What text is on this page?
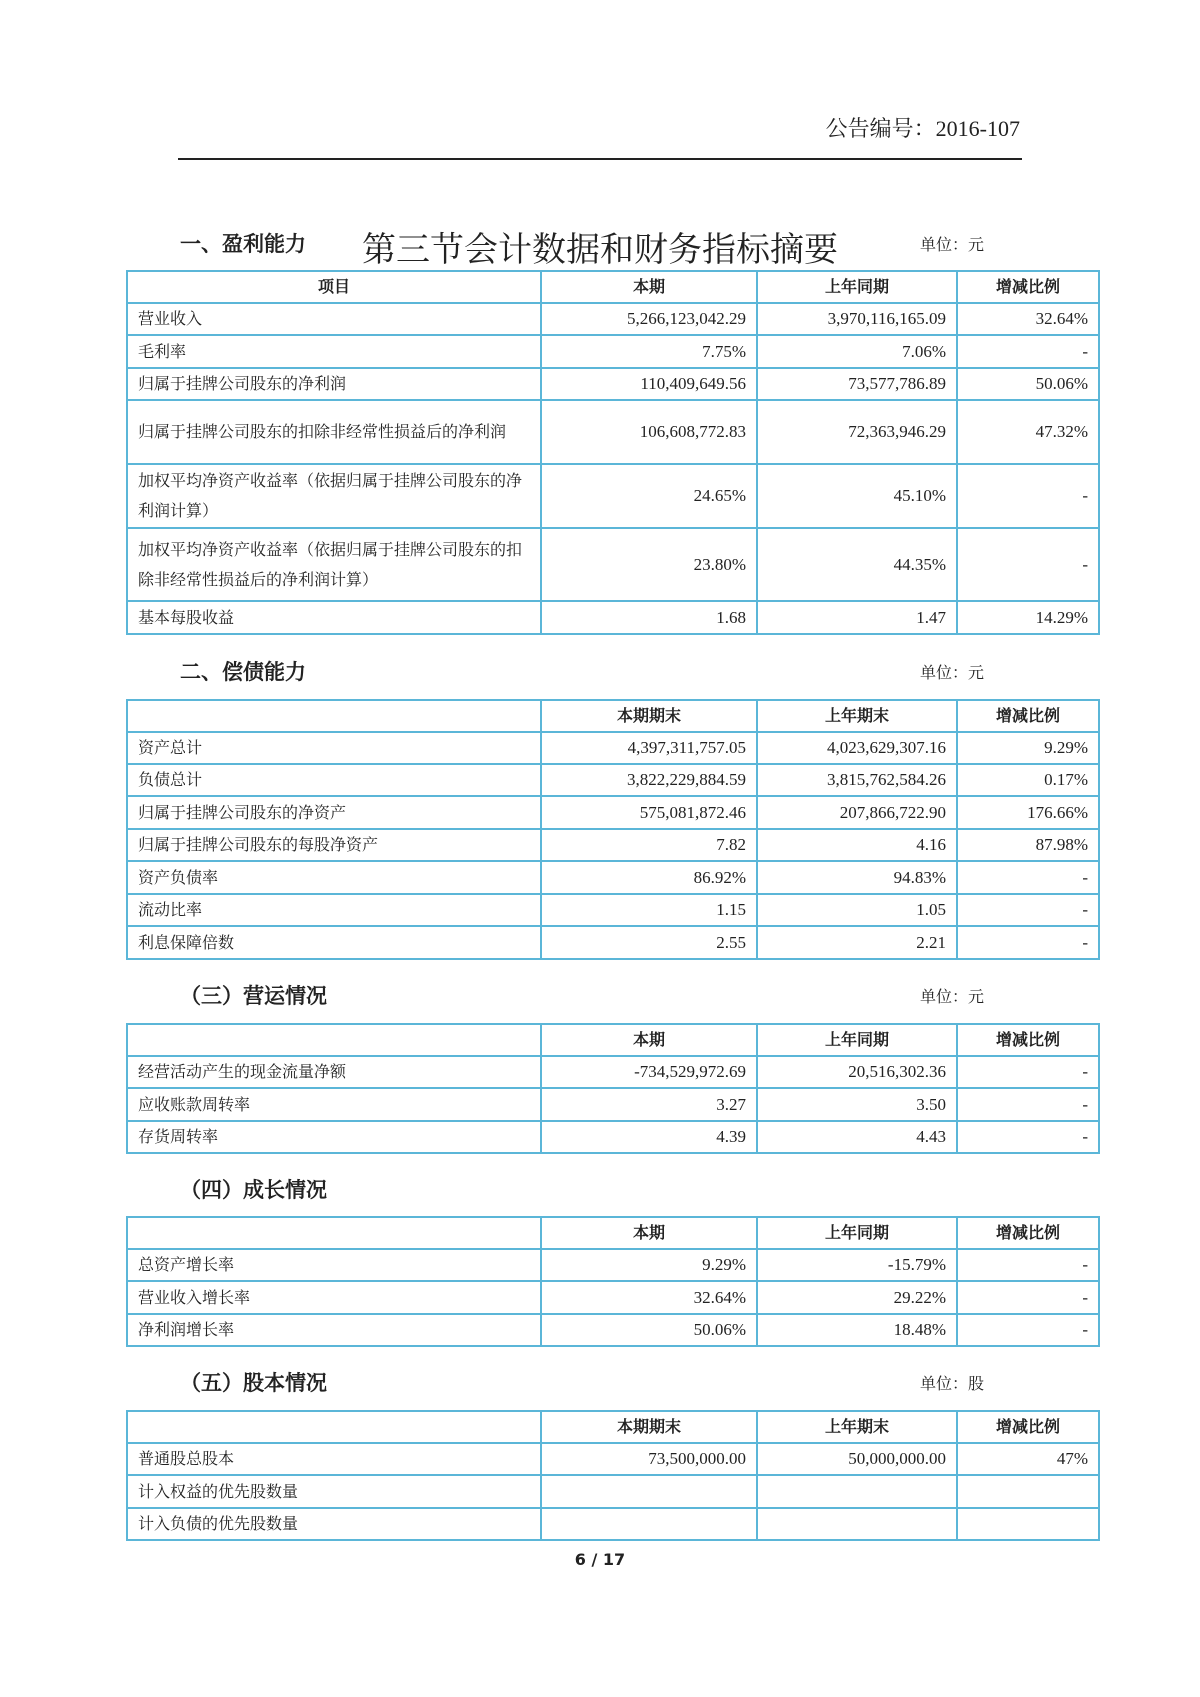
公告编号：2016-107
第三节会计数据和财务指标摘要
一、盈利能力	单位：元
项目	本期	上年同期	增减比例
营业收入	5,266,123,042.29	3,970,116,165.09	32.64%
毛利率	7.75%	7.06%	-
归属于挂牌公司股东的净利润	110,409,649.56	73,577,786.89	50.06%
归属于挂牌公司股东的扣除非经常性损益后的净利润	106,608,772.83	72,363,946.29	47.32%
加权平均净资产收益率（依据归属于挂牌公司股东的净利润计算）	24.65%	45.10%	-
加权平均净资产收益率（依据归属于挂牌公司股东的扣除非经常性损益后的净利润计算）	23.80%	44.35%	-
基本每股收益	1.68	1.47	14.29%
二、偿债能力	单位：元
	本期期末	上年期末	增减比例
资产总计	4,397,311,757.05	4,023,629,307.16	9.29%
负债总计	3,822,229,884.59	3,815,762,584.26	0.17%
归属于挂牌公司股东的净资产	575,081,872.46	207,866,722.90	176.66%
归属于挂牌公司股东的每股净资产	7.82	4.16	87.98%
资产负债率	86.92%	94.83%	-
流动比率	1.15	1.05	-
利息保障倍数	2.55	2.21	-
（三）营运情况	单位：元
	本期	上年同期	增减比例
经营活动产生的现金流量净额	-734,529,972.69	20,516,302.36	-
应收账款周转率	3.27	3.50	-
存货周转率	4.39	4.43	-
（四）成长情况
	本期	上年同期	增减比例
总资产增长率	9.29%	-15.79%	-
营业收入增长率	32.64%	29.22%	-
净利润增长率	50.06%	18.48%	-
（五）股本情况	单位：股
	本期期末	上年期末	增减比例
普通股总股本	73,500,000.00	50,000,000.00	47%
计入权益的优先股数量			
计入负债的优先股数量			
6 / 17
